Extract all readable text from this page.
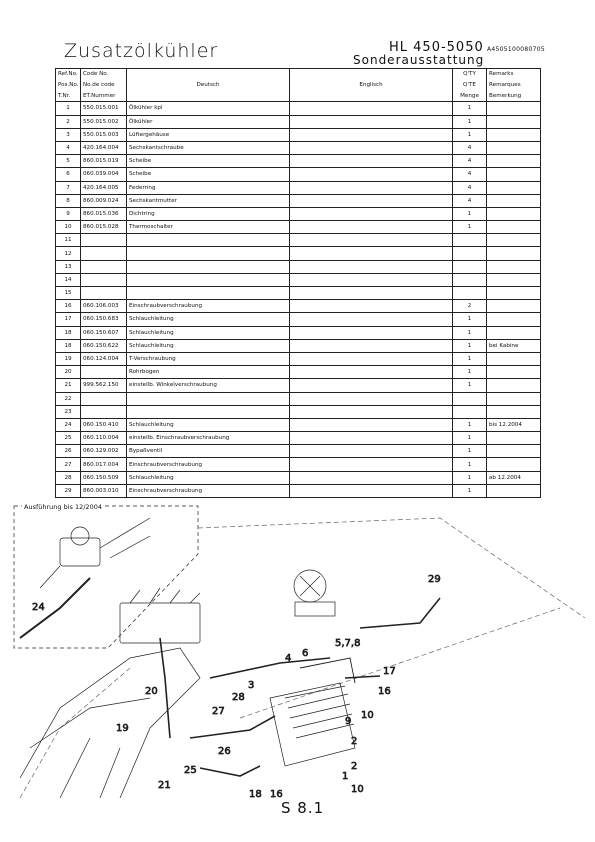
Zusatzölkühler	HL 450-5050
Sonderausstattung
A4505100080705
Ref.No.	Code No.			Q'TY	Remarks
Pos.No.	No.de code	Deutsch	Englisch	Q'TE	Remarques
T.Nr.	ET.Nummer			Menge	Bemerkung
1	550.015.001	Ölkühler kpl		1	
2	550.015.002	Ölkühler		1	
3	550.015.003	Lüftergehäuse		1	
4	420.164.004	Sechskantschraube		4	
5	860.015.019	Scheibe		4	
6	060.039.004	Scheibe		4	
7	420.164.005	Federring		4	
8	860.009.024	Sechskantmutter		4	
9	860.015.036	Dichtring		1	
10	860.015.028	Thermoschalter		1	
11					
12					
13					
14					
15					
16	060.106.003	Einschraubverschraubung		2	
17	060.150.683	Schlauchleitung		1	
18	060.150.607	Schlauchleitung		1	
18	060.150.622	Schlauchleitung		1	bei Kabine
19	060.124.004	T-Verschraubung		1	
20		Rohrbogen		1	
21	999.562.150	einstellb. Winkelverschraubung		1	
22					
23					
24	060.150.410	Schlauchleitung		1	bis 12.2004
25	060.110.004	einstellb. Einschraubverschraubung		1	
26	060.129.002	Bypaßventil		1	
27	860.017.004	Einschraubverschraubung		1	
28	060.150.509	Schlauchleitung		1	ab 12.2004
29	860.003.010	Einschraubverschraubung		1	
24
20
19
21
27
26
25
28
3
4 6
5,7,8
17
16
9
10
2
1
2
10
16
18
29
Ausführung bis 12/2004
S 8.1
